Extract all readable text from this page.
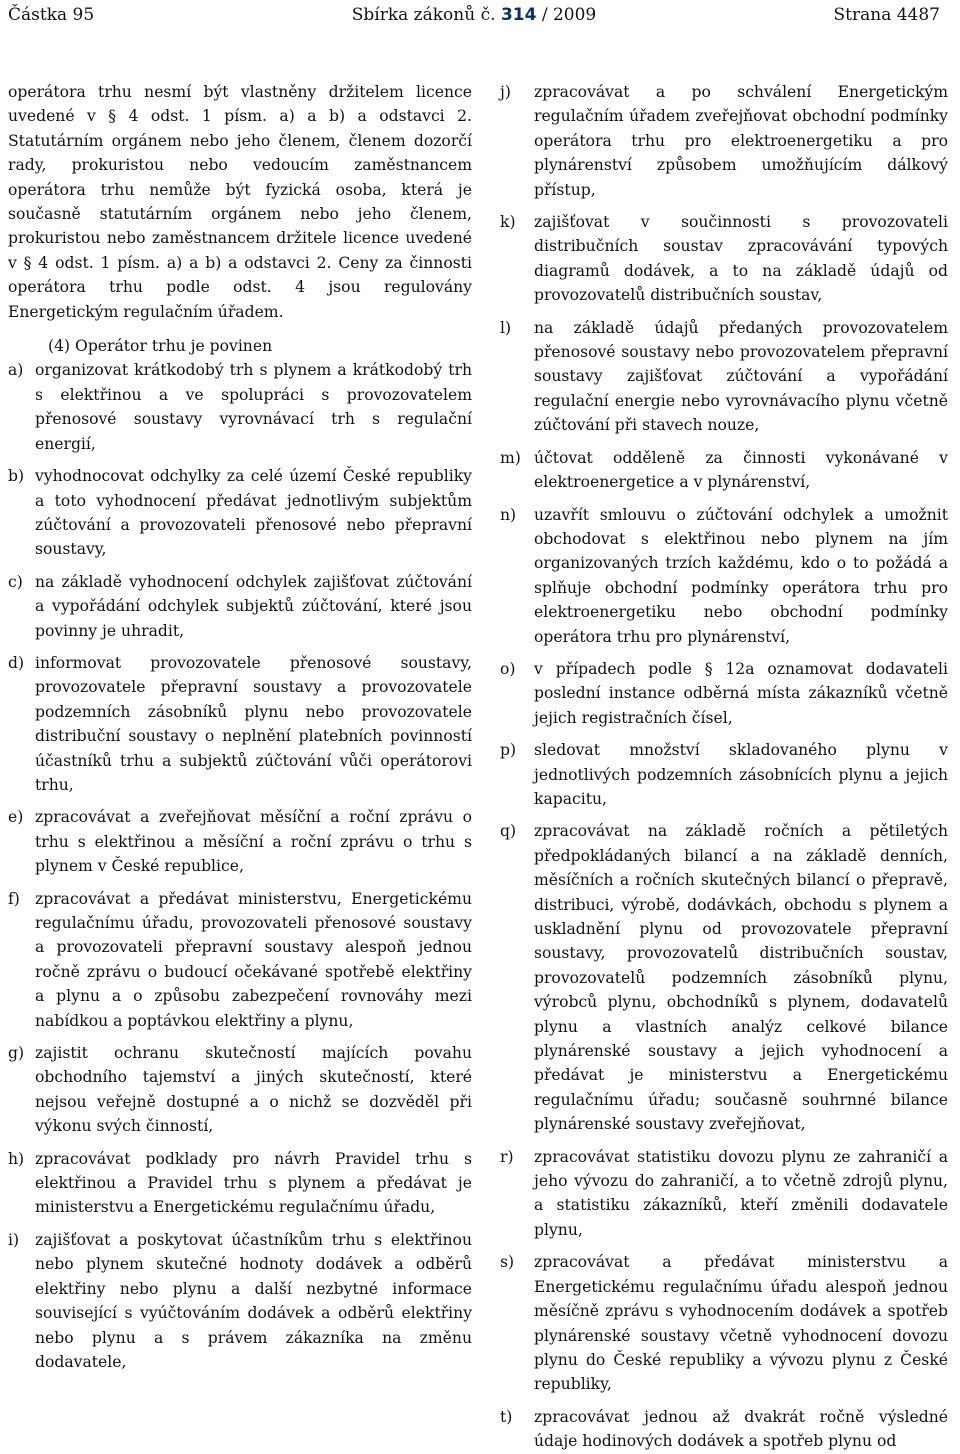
Částka 95	Sbírka zákonů č. 314 / 2009	Strana 4487

operátora trhu nesmí být vlastněny držitelem licence uvedené v § 4 odst. 1 písm. a) a b) a odstavci 2. Statutárním orgánem nebo jeho členem, členem dozorčí rady, prokuristou nebo vedoucím zaměstnancem operátora trhu nemůže být fyzická osoba, která je současně statutárním orgánem nebo jeho členem, prokuristou nebo zaměstnancem držitele licence uvedené v § 4 odst. 1 písm. a) a b) a odstavci 2. Ceny za činnosti operátora trhu podle odst. 4 jsou regulovány Energetickým regulačním úřadem.

(4) Operátor trhu je povinen

a) organizovat krátkodobý trh s plynem a krátkodobý trh s elektřinou a ve spolupráci s provozovatelem přenosové soustavy vyrovnávací trh s regulační energií,
b) vyhodnocovat odchylky za celé území České republiky a toto vyhodnocení předávat jednotlivým subjektům zúčtování a provozovateli přenosové nebo přepravní soustavy,
c) na základě vyhodnocení odchylek zajišťovat zúčtování a vypořádání odchylek subjektů zúčtování, které jsou povinny je uhradit,
d) informovat provozovatele přenosové soustavy, provozovatele přepravní soustavy a provozovatele podzemních zásobníků plynu nebo provozovatele distribuční soustavy o neplnění platebních povinností účastníků trhu a subjektů zúčtování vůči operátorovi trhu,
e) zpracovávat a zveřejňovat měsíční a roční zprávu o trhu s elektřinou a měsíční a roční zprávu o trhu s plynem v České republice,
f) zpracovávat a předávat ministerstvu, Energetickému regulačnímu úřadu, provozovateli přenosové soustavy a provozovateli přepravní soustavy alespoň jednou ročně zprávu o budoucí očekávané spotřebě elektřiny a plynu a o způsobu zabezpečení rovnováhy mezi nabídkou a poptávkou elektřiny a plynu,
g) zajistit ochranu skutečností majících povahu obchodního tajemství a jiných skutečností, které nejsou veřejně dostupné a o nichž se dozvěděl při výkonu svých činností,
h) zpracovávat podklady pro návrh Pravidel trhu s elektřinou a Pravidel trhu s plynem a předávat je ministerstvu a Energetickému regulačnímu úřadu,
i)	zajišťovat a poskytovat účastníkům trhu s elektřinou nebo plynem skutečné hodnoty dodávek a odběrů elektřiny nebo plynu a další nezbytné informace související s vyúčtováním dodávek a odběrů elektřiny nebo plynu a s právem zákazníka na změnu dodavatele,
j)	zpracovávat a po schválení Energetickým regulačním úřadem zveřejňovat obchodní podmínky operátora trhu pro elektroenergetiku a pro plynárenství způsobem umožňujícím dálkový přístup,
k)	zajišťovat v součinnosti s provozovateli distribučních soustav zpracovávání typových diagramů dodávek, a to na základě údajů od provozovatelů distribučních soustav,
l)	na základě údajů předaných provozovatelem přenosové soustavy nebo provozovatelem přepravní soustavy zajišťovat zúčtování a vypořádání regulační energie nebo vyrovnávacího plynu včetně zúčtování při stavech nouze,
m) účtovat odděleně za činnosti vykonávané v elektroenergetice a v plynárenství,
n)	uzavřít smlouvu o zúčtování odchylek a umožnit obchodovat s elektřinou nebo plynem na jím organizovaných trzích každému, kdo o to požádá a splňuje obchodní podmínky operátora trhu pro elektroenergetiku nebo obchodní podmínky operátora trhu pro plynárenství,
o)	v případech podle § 12a oznamovat dodavateli poslední instance odběrná místa zákazníků včetně jejich registračních čísel,
p)	sledovat množství skladovaného plynu v jednotlivých podzemních zásobnících plynu a jejich kapacitu,
q)	zpracovávat na základě ročních a pětiletých předpokládaných bilancí a na základě denních, měsíčních a ročních skutečných bilancí o přepravě, distribuci, výrobě, dodávkách, obchodu s plynem a uskladnění plynu od provozovatele přepravní soustavy, provozovatelů distribučních soustav, provozovatelů podzemních zásobníků plynu, výrobců plynu, obchodníků s plynem, dodavatelů plynu a vlastních analýz celkové bilance plynárenské soustavy a jejich vyhodnocení a předávat je ministerstvu a Energetickému regulačnímu úřadu; současně souhrnné bilance plynárenské soustavy zveřejňovat,
r)	zpracovávat statistiku dovozu plynu ze zahraničí a jeho vývozu do zahraničí, a to včetně zdrojů plynu, a statistiku zákazníků, kteří změnili dodavatele plynu,
s)	zpracovávat a předávat ministerstvu a Energetickému regulačnímu úřadu alespoň jednou měsíčně zprávu s vyhodnocením dodávek a spotřeb plynárenské soustavy včetně vyhodnocení dovozu plynu do České republiky a vývozu plynu z České republiky,
t)	zpracovávat jednou až dvakrát ročně výsledné údaje hodinových dodávek a spotřeb plynu od
